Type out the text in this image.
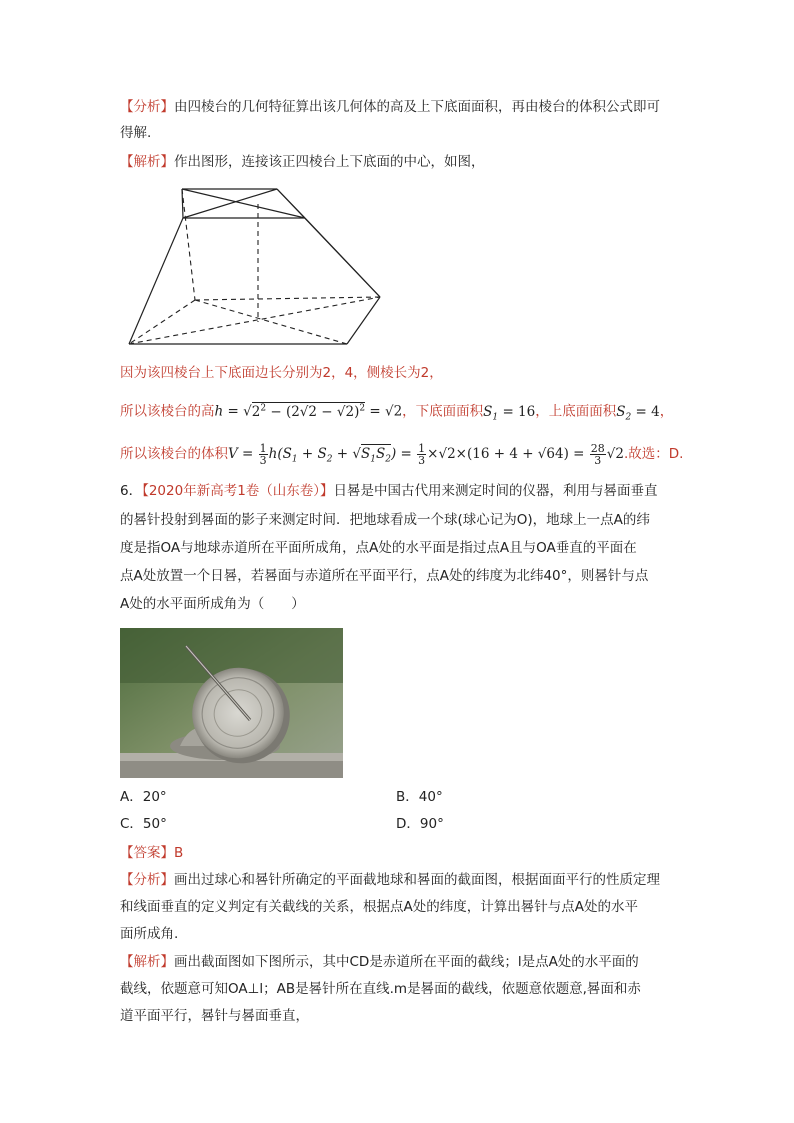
【分析】由四棱台的几何特征算出该几何体的高及上下底面面积，再由棱台的体积公式即可
得解.
【解析】作出图形，连接该正四棱台上下底面的中心，如图，
因为该四棱台上下底面边长分别为2，4，侧棱长为2，
所以该棱台的高$h = √2^2 - (2√2 - √2)^2 = √2$，下底面面积$S_1 = 16$，上底面面积$S_2 = 4$，
所以该棱台的体积$V = \frac{1}{3} h(S_1 + S_2 + √S_1S_2) = \frac{1}{3} \times√2\times(16 + 4 + √64) = \frac{28}{3} √2$.故选：D.
6．【2020年新高考1卷（山东卷）】日晷是中国古代用来测定时间的仪器，利用与晷面垂直
的晷针投射到晷面的影子来测定时间．把地球看成一个球(球心记为O)，地球上一点A的纬
度是指OA与地球赤道所在平面所成角，点A处的水平面是指过点A且与OA垂直的平面在
点A处放置一个日晷，若晷面与赤道所在平面平行，点A处的纬度为北纬40°，则晷针与点
A处的水平面所成角为（　　）
A．20°	B．40°
C．50°	D．90°
【答案】B
【分析】画出过球心和晷针所确定的平面截地球和晷面的截面图，根据面面平行的性质定理
和线面垂直的定义判定有关截线的关系，根据点A处的纬度，计算出晷针与点A处的水平
面所成角.
【解析】画出截面图如下图所示，其中CD是赤道所在平面的截线；l是点A处的水平面的
截线，依题意可知OA⊥l；AB是晷针所在直线.m是晷面的截线，依题意依题意,晷面和赤
道平面平行，晷针与晷面垂直，
